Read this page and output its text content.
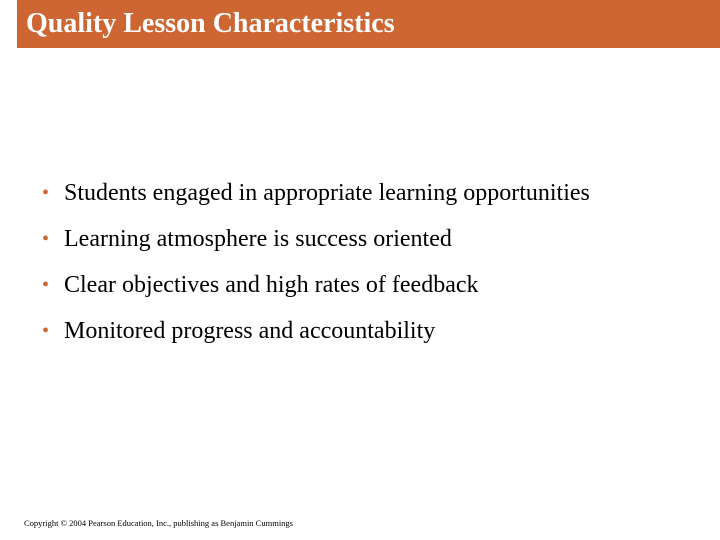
Quality Lesson Characteristics
• Students engaged in appropriate learning opportunities
• Learning atmosphere is success oriented
• Clear objectives and high rates of feedback
• Monitored progress and accountability
Copyright © 2004 Pearson Education, Inc., publishing as Benjamin Cummings
